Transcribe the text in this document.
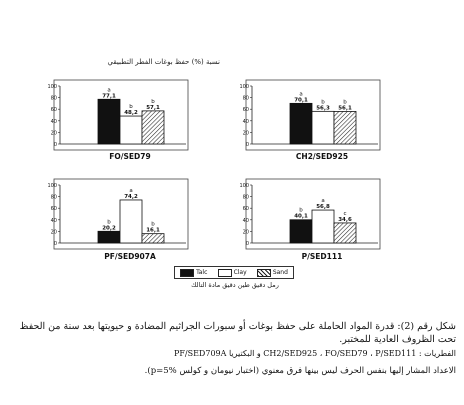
نسبة (%) حفظ بوغات الفطر التطبيقي
100
80
60
40
20
0
77,1
a
48,2
b 57,1
b
FO/SED79
100
80
60
40
20
0
70,1
a
56,3
b
56,1
b
CH2/SED925
100
80
60
40
20
0
20,2
b
74,2
a
16,1
b
PF/SED907A
100
80
60
40
20
0
40,1
b
56,8
a
34,6
c
P/SED111
Talc	Clay	Sand
رمل دقيق طين دقيق مادة التالك
شكل رقم (2): قدرة المواد الحاملة على حفظ بوغات أو سبورات الجراثيم المضادة و حيويتها بعد سنة من الحفظ تحت الظروف العادية للمختبر.
الفطريات : CH2/SED925 ، FO/SED79 ، P/SED111 و البكتيريا PF/SED709A
الاعداد المشار إليها بنفس الحرف ليس بينها فرق معنوي (اختبار نيومان و كولس p=5%).
